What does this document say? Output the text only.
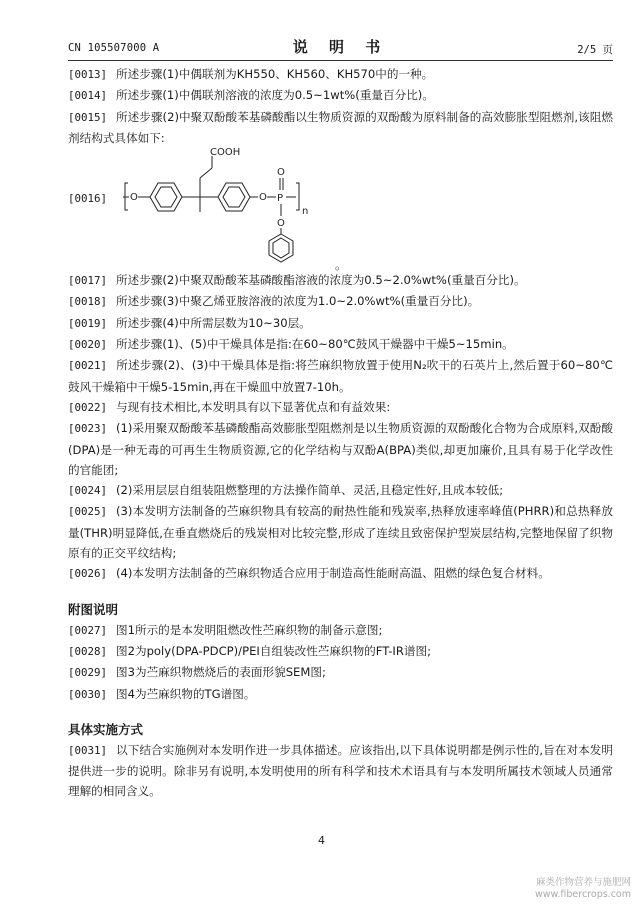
CN 105507000 A	说 明 书	2/5 页

[0013] 所述步骤(1)中偶联剂为KH550、KH560、KH570中的一种。

[0014] 所述步骤(1)中偶联剂溶液的浓度为0.5~1wt%(重量百分比)。

[0015] 所述步骤(2)中聚双酚酸苯基磷酸酯以生物质资源的双酚酸为原料制备的高效膨胀型阻燃剂,该阻燃剂结构式具体如下:

[0016] O
COOH
O P
O
n
O
。

[0017] 所述步骤(2)中聚双酚酸苯基磷酸酯溶液的浓度为0.5~2.0%wt%(重量百分比)。

[0018] 所述步骤(3)中聚乙烯亚胺溶液的浓度为1.0~2.0%wt%(重量百分比)。

[0019] 所述步骤(4)中所需层数为10~30层。

[0020] 所述步骤(1)、(5)中干燥具体是指:在60~80℃鼓风干燥器中干燥5~15min。

[0021] 所述步骤(2)、(3)中干燥具体是指:将苎麻织物放置于使用N₂吹干的石英片上,然后置于60~80℃鼓风干燥箱中干燥5-15min,再在干燥皿中放置7-10h。

[0022] 与现有技术相比,本发明具有以下显著优点和有益效果:

[0023] (1)采用聚双酚酸苯基磷酸酯高效膨胀型阻燃剂是以生物质资源的双酚酸化合物为合成原料,双酚酸(DPA)是一种无毒的可再生生物质资源,它的化学结构与双酚A(BPA)类似,却更加廉价,且具有易于化学改性的官能团;

[0024] (2)采用层层自组装阻燃整理的方法操作简单、灵活,且稳定性好,且成本较低;

[0025] (3)本发明方法制备的苎麻织物具有较高的耐热性能和残炭率,热释放速率峰值(PHRR)和总热释放量(THR)明显降低,在垂直燃烧后的残炭相对比较完整,形成了连续且致密保护型炭层结构,完整地保留了织物原有的正交平纹结构;

[0026] (4)本发明方法制备的苎麻织物适合应用于制造高性能耐高温、阻燃的绿色复合材料。

附图说明

[0027] 图1所示的是本发明阻燃改性苎麻织物的制备示意图;

[0028] 图2为poly(DPA-PDCP)/PEI自组装改性苎麻织物的FT-IR谱图;

[0029] 图3为苎麻织物燃烧后的表面形貌SEM图;

[0030] 图4为苎麻织物的TG谱图。

具体实施方式

[0031] 以下结合实施例对本发明作进一步具体描述。应该指出,以下具体说明都是例示性的,旨在对本发明提供进一步的说明。除非另有说明,本发明使用的所有科学和技术术语具有与本发明所属技术领域人员通常理解的相同含义。

4
麻类作物营养与施肥网
www.fibercrops.com
